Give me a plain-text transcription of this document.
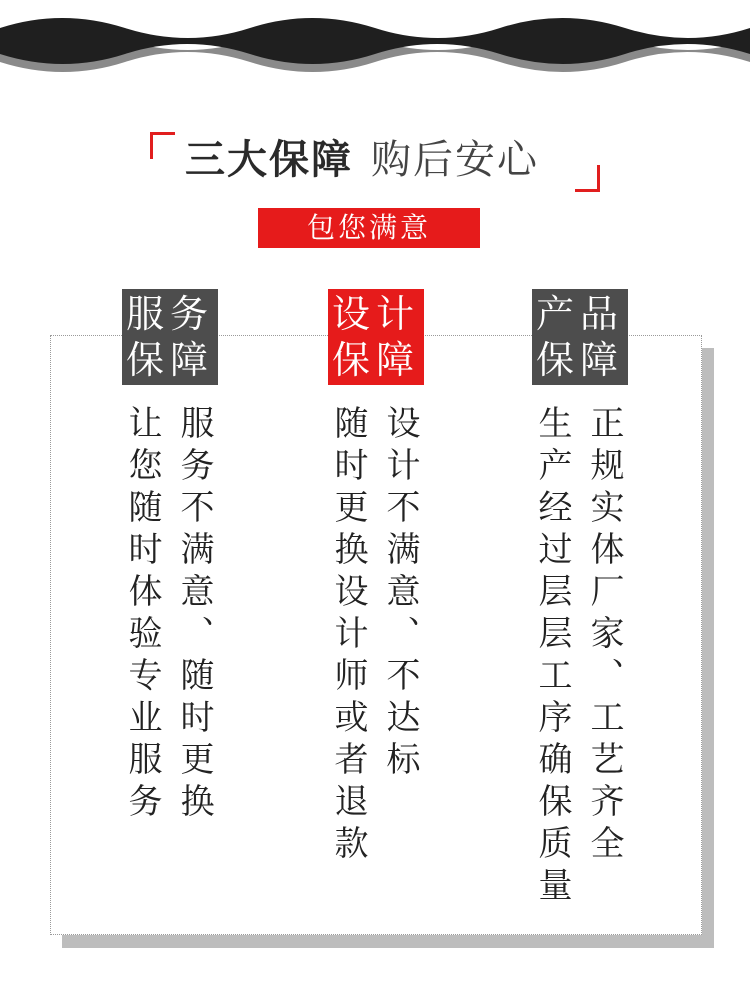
三大保障 购后安心
包您满意
服务
保障
服务不满意、随时更换
让您随时体验专业服务
设计
保障
设计不满意、不达标
随时更换设计师或者退款
产品
保障
正规实体厂家、工艺齐全
生产经过层层工序确保质量
